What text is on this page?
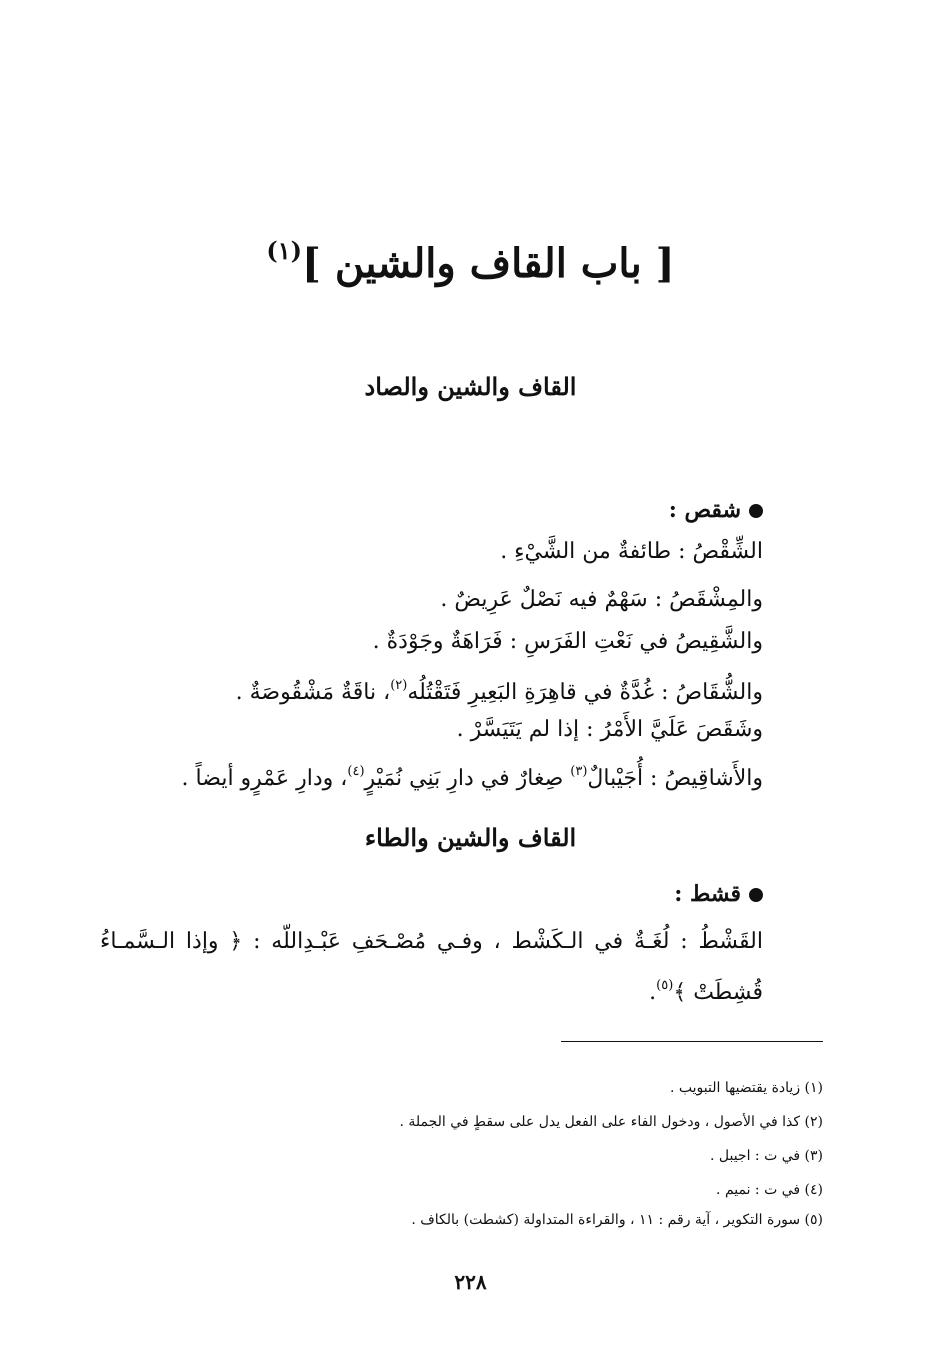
[ باب القاف والشين ]$^{(١)}$
القاف والشين والصاد
شقص :
الشِّقْصُ : طائفةٌ من الشَّيْءِ .
والمِشْقَصُ : سَهْمٌ فيه نَصْلٌ عَرِيضٌ .
والشَّقِيصُ في نَعْتِ الفَرَسِ : فَرَاهَةٌ وجَوْدَةٌ .
والشُّقَاصُ : غُدَّةٌ في قاهِرَةِ البَعِيرِ فَتَقْتُلُه$^{(٢)}$، ناقَةٌ مَشْقُوصَةٌ .
وشَقَصَ عَلَيَّ الأَمْرُ : إذا لم يَتَيَسَّرْ .
والأَشاقِيصُ : أُجَيْبالٌ$^{(٣)}$ صِغارٌ في دارِ بَنِي نُمَيْرٍ$^{(٤)}$، ودارِ عَمْرٍو أيضاً .
القاف والشين والطاء
قشط :
القَشْطُ : لُغَـةٌ في الـكَشْط ، وفـي مُصْـحَفِ عَبْـدِاللّه : ﴿ وإذا الـسَّمـاءُ
قُشِطَتْ ﴾$^{(٥)}$.
(١) زيادة يقتضيها التبويب .
(٢) كذا في الأصول ، ودخول الفاء على الفعل يدل على سقطٍ في الجملة .
(٣) في ت : اجيبل .
(٤) في ت : نميم .
(٥) سورة التكوير ، آية رقم : ١١ ، والقراءة المتداولة (كشطت) بالكاف .
٢٢٨
